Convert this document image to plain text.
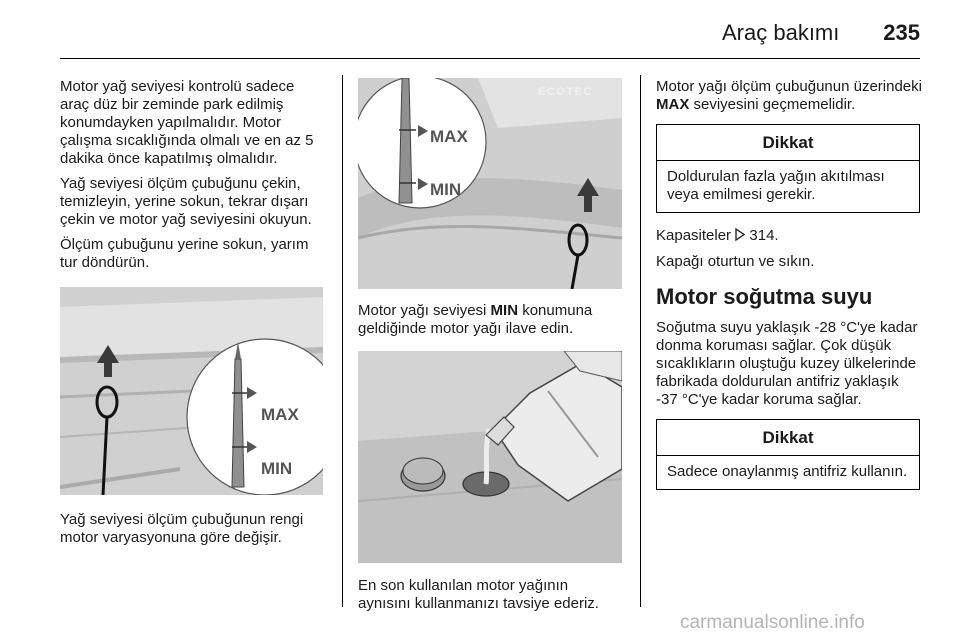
Araç bakımı 235

Motor yağ seviyesi kontrolü sadece araç düz bir zeminde park edilmiş konumdayken yapılmalıdır. Motor çalışma sıcaklığında olmalı ve en az 5 dakika önce kapatılmış olmalıdır.

Yağ seviyesi ölçüm çubuğunu çekin, temizleyin, yerine sokun, tekrar dışarı çekin ve motor yağ seviyesini okuyun.

Ölçüm çubuğunu yerine sokun, yarım tur döndürün.

MAX
MIN

Yağ seviyesi ölçüm çubuğunun rengi motor varyasyonuna göre değişir.

ECOTEC
MAX
MIN

Motor yağı seviyesi MIN konumuna geldiğinde motor yağı ilave edin.

En son kullanılan motor yağının aynısını kullanmanızı tavsiye ederiz.

Motor yağı ölçüm çubuğunun üzerindeki MAX seviyesini geçmemelidir.

Dikkat
Doldurulan fazla yağın akıtılması veya emilmesi gerekir.

Kapasiteler  314.

Kapağı oturtun ve sıkın.

Motor soğutma suyu

Soğutma suyu yaklaşık -28 °C'ye kadar donma koruması sağlar. Çok düşük sıcaklıkların oluştuğu kuzey ülkelerinde fabrikada doldurulan antifriz yaklaşık -37 °C'ye kadar koruma sağlar.

Dikkat
Sadece onaylanmış antifriz kullanın.
carmanualsonline.info
